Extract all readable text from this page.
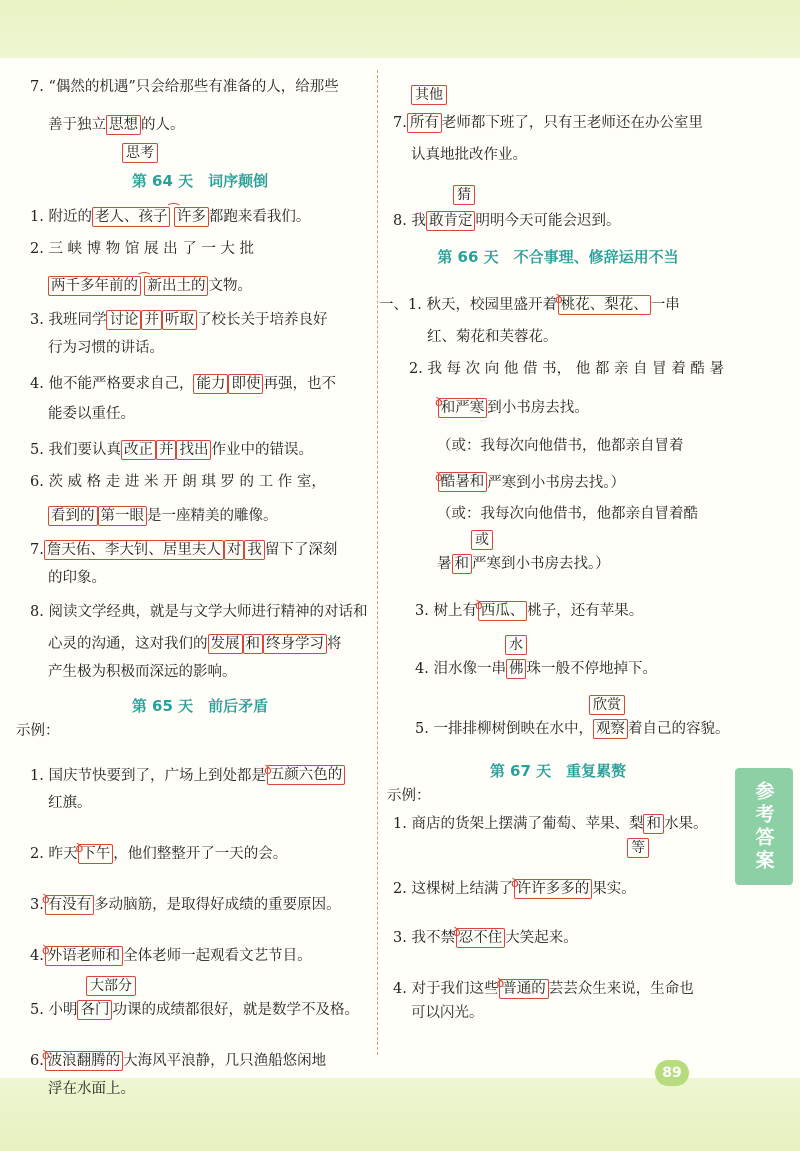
7. “偶然的机遇”只会给那些有准备的人，给那些

善于独立 思想 的人。

思考

第 64 天　词序颠倒

1. 附近的 老人、孩子⁀许多 都跑来看我们。

2. 三 峡 博 物 馆 展 出 了 一 大 批

两千多年前的⁀新出土的 文物。

3. 我班同学 讨论 并 听取 了校长关于培养良好

行为习惯的讲话。

4. 他不能严格要求自己， 能力 即使 再强，也不

能委以重任。

5. 我们要认真 改正 并 找出 作业中的错误。

6. 茨 威 格 走 进 米 开 朗 琪 罗 的 工 作 室，

看到的 第一眼 是一座精美的雕像。

7. 詹天佑、李大钊、居里夫人 对 我 留下了深刻

的印象。

8. 阅读文学经典，就是与文学大师进行精神的对话和

心灵的沟通，这对我们的 发展 和 终身学习 将

产生极为积极而深远的影响。

第 65 天　前后矛盾

示例：

1. 国庆节快要到了，广场上到处都是ꝺ五颜六色的

红旗。

2. 昨天ꝺ下午 ，他们整整开了一天的会。

3.ꝺ有没有 多动脑筋，是取得好成绩的重要原因。

4.ꝺ外语老师和 全体老师一起观看文艺节目。

大部分

5. 小明 各门 功课的成绩都很好，就是数学不及格。

6.ꝺ波浪翻腾的 大海风平浪静，几只渔船悠闲地

浮在水面上。

其他

7. 所有 老师都下班了，只有王老师还在办公室里

认真地批改作业。

猜

8. 我 敢肯定 明明今天可能会迟到。

第 66 天　不合事理、修辞运用不当

一、1. 秋天，校园里盛开着ꝺ桃花、梨花、 一串

红、菊花和芙蓉花。

2. 我 每 次 向 他 借 书， 他 都 亲 自 冒 着 酷 暑

ꝺ和严寒 到小书房去找。

（或：我每次向他借书，他都亲自冒着

ꝺ酷暑和 严寒到小书房去找。）

（或：我每次向他借书，他都亲自冒着酷

或

暑 和 严寒到小书房去找。）

3. 树上有ꝺ西瓜、 桃子，还有苹果。

水

4. 泪水像一串 佛 珠一般不停地掉下。

欣赏

5. 一排排柳树倒映在水中， 观察 着自己的容貌。

第 67 天　重复累赘

示例：

1. 商店的货架上摆满了葡萄、苹果、梨 和 水果。

等

2. 这棵树上结满了ꝺ许许多多的 果实。

3. 我不禁ꝺ忍不住 大笑起来。

4. 对于我们这些ꝺ普通的 芸芸众生来说，生命也

可以闪光。

参考答案
89
